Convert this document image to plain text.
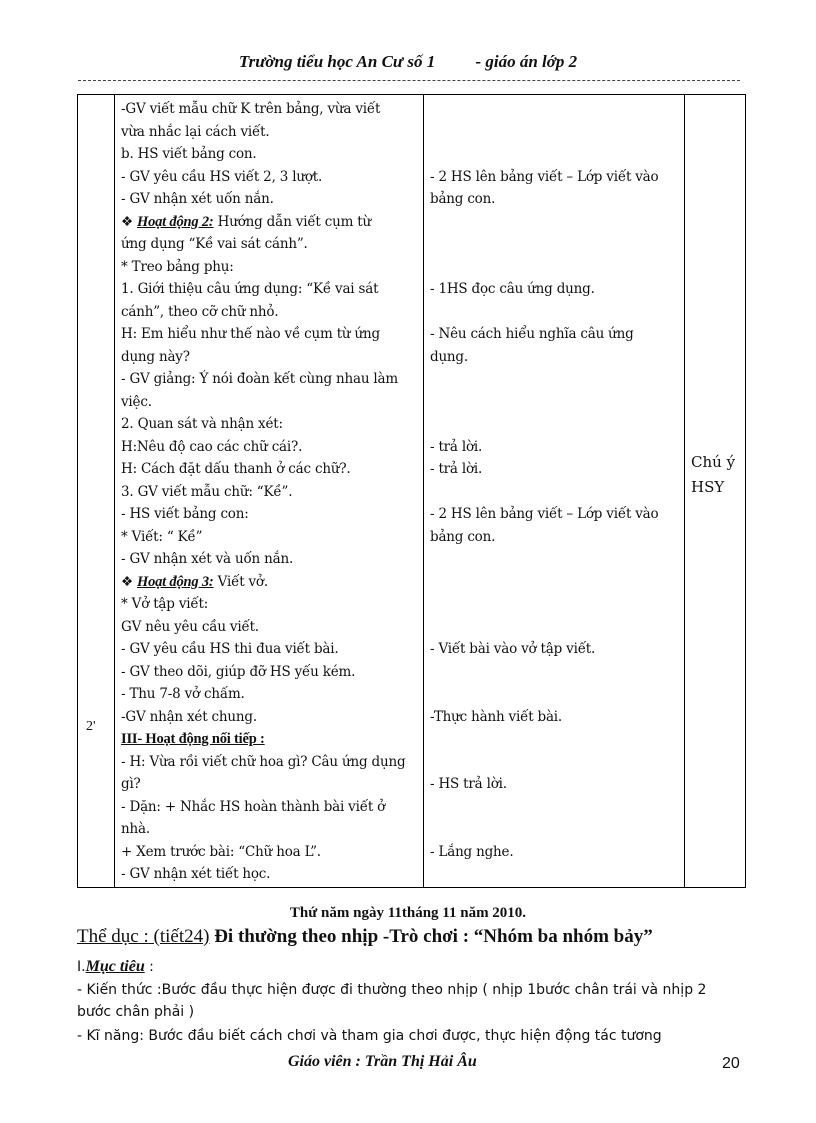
Trường tiểu học An Cư số 1 - giáo án lớp 2
2'

-GV viết mẫu chữ K trên bảng, vừa viết
vừa nhắc lại cách viết.
b. HS viết bảng con.
- GV yêu cầu HS viết 2, 3 lượt.
- GV nhận xét uốn nắn.
❖ Hoạt động 2: Hướng dẫn viết cụm từ
ứng dụng “Kề vai sát cánh”.
* Treo bảng phụ:
1. Giới thiệu câu ứng dụng: “Kề vai sát
cánh”, theo cỡ chữ nhỏ.
H: Em hiểu như thế nào về cụm từ ứng
dụng này?
- GV giảng: Ý nói đoàn kết cùng nhau làm
việc.
2. Quan sát và nhận xét:
H:Nêu độ cao các chữ cái?.
H: Cách đặt dấu thanh ở các chữ?.
3. GV viết mẫu chữ: “Kề”.
- HS viết bảng con:
* Viết: “ Kề”
- GV nhận xét và uốn nắn.
❖ Hoạt động 3: Viết vở.
* Vở tập viết:
GV nêu yêu cầu viết.
- GV yêu cầu HS thi đua viết bài.
- GV theo dõi, giúp đỡ HS yếu kém.
- Thu 7-8 vở chấm.
-GV nhận xét chung.
III- Hoạt động nối tiếp :
- H: Vừa rồi viết chữ hoa gì? Câu ứng dụng
gì?
- Dặn: + Nhắc HS hoàn thành bài viết ở
nhà.
+ Xem trước bài: “Chữ hoa L”.
- GV nhận xét tiết học.

- 2 HS lên bảng viết – Lớp viết vào
bảng con.
- 1HS đọc câu ứng dụng.
- Nêu cách hiểu nghĩa câu ứng
dụng.
- trả lời.
- trả lời.
- 2 HS lên bảng viết – Lớp viết vào
bảng con.
- Viết bài vào vở tập viết.
-Thực hành viết bài.
- HS trả lời.
- Lắng nghe.

Chú ý
HSY
Thứ năm ngày 11tháng 11 năm 2010.
Thể dục : (tiết24) Đi thường theo nhịp -Trò chơi : “Nhóm ba nhóm bảy”
I.Mục tiêu :
- Kiến thức :Bước đầu thực hiện được đi thường theo nhịp ( nhịp 1bước chân trái và nhịp 2
bước chân phải )
- Kĩ năng: Bước đầu biết cách chơi và tham gia chơi được, thực hiện động tác tương
Giáo viên : Trần Thị Hải Âu	20
